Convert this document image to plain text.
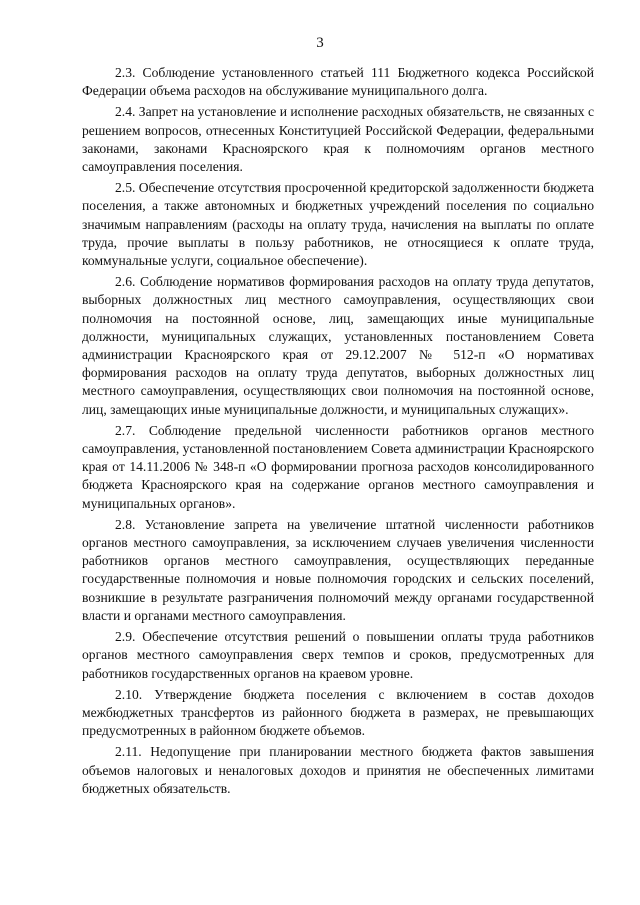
3

2.3. Соблюдение установленного статьей 111 Бюджетного кодекса Российской Федерации объема расходов на обслуживание муниципального долга.

2.4. Запрет на установление и исполнение расходных обязательств, не связанных с решением вопросов, отнесенных Конституцией Российской Федерации, федеральными законами, законами Красноярского края к полномочиям органов местного самоуправления поселения.

2.5. Обеспечение отсутствия просроченной кредиторской задолженности бюджета поселения, а также автономных и бюджетных учреждений поселения по социально значимым направлениям (расходы на оплату труда, начисления на выплаты по оплате труда, прочие выплаты в пользу работников, не относящиеся к оплате труда, коммунальные услуги, социальное обеспечение).

2.6. Соблюдение нормативов формирования расходов на оплату труда депутатов, выборных должностных лиц местного самоуправления, осуществляющих свои полномочия на постоянной основе, лиц, замещающих иные муниципальные должности, муниципальных служащих, установленных постановлением Совета администрации Красноярского края от 29.12.2007 № 512-п «О нормативах формирования расходов на оплату труда депутатов, выборных должностных лиц местного самоуправления, осуществляющих свои полномочия на постоянной основе, лиц, замещающих иные муниципальные должности, и муниципальных служащих».

2.7. Соблюдение предельной численности работников органов местного самоуправления, установленной постановлением Совета администрации Красноярского края от 14.11.2006 № 348-п «О формировании прогноза расходов консолидированного бюджета Красноярского края на содержание органов местного самоуправления и муниципальных органов».

2.8. Установление запрета на увеличение штатной численности работников органов местного самоуправления, за исключением случаев увеличения численности работников органов местного самоуправления, осуществляющих переданные государственные полномочия и новые полномочия городских и сельских поселений, возникшие в результате разграничения полномочий между органами государственной власти и органами местного самоуправления.

2.9. Обеспечение отсутствия решений о повышении оплаты труда работников органов местного самоуправления сверх темпов и сроков, предусмотренных для работников государственных органов на краевом уровне.

2.10. Утверждение бюджета поселения с включением в состав доходов межбюджетных трансфертов из районного бюджета в размерах, не превышающих предусмотренных в районном бюджете объемов.

2.11. Недопущение при планировании местного бюджета фактов завышения объемов налоговых и неналоговых доходов и принятия не обеспеченных лимитами бюджетных обязательств.
